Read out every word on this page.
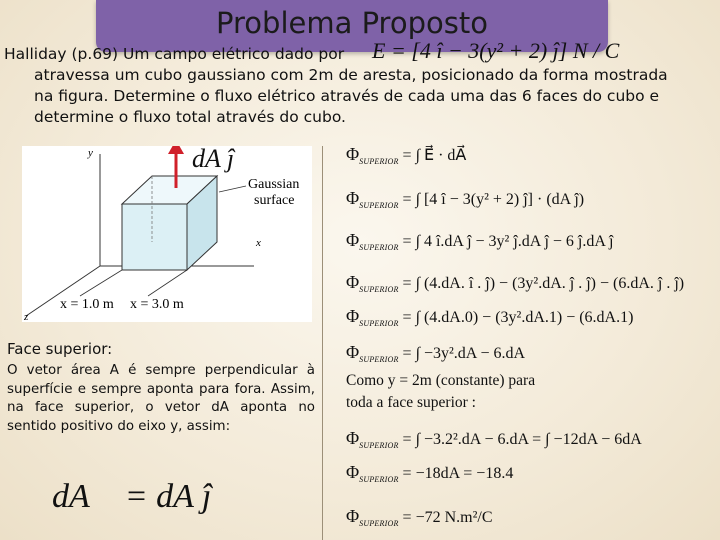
Problema Proposto
Halliday (p.69) Um campo elétrico dado por
atravessa um cubo gaussiano com 2m de aresta, posicionado da forma mostrada
na figura. Determine o fluxo elétrico através de cada uma das 6 faces do cubo e
determine o fluxo total através do cubo.
E = [4 î − 3(y² + 2) ĵ] N / C
y
x
z
Gaussian
surface
x = 1.0 m x = 3.0 m
dA ĵ
Face superior:
O vetor área A é sempre perpendicular à superfície e sempre aponta para fora. Assim, na face superior, o vetor dA aponta no sentido positivo do eixo y, assim:
dA⃗ = dA ĵ
$\Phi_{SUPERIOR}$ = ∫ E⃗ · dA⃗
$\Phi_{SUPERIOR}$ = ∫ [4 î − 3(y² + 2) ĵ] · (dA ĵ)
$\Phi_{SUPERIOR}$ = ∫ 4 î.dA ĵ − 3y² ĵ.dA ĵ − 6 ĵ.dA ĵ
$\Phi_{SUPERIOR}$ = ∫ (4.dA. î . ĵ) − (3y².dA. ĵ . ĵ) − (6.dA. ĵ . ĵ)
$\Phi_{SUPERIOR}$ = ∫ (4.dA.0) − (3y².dA.1) − (6.dA.1)
$\Phi_{SUPERIOR}$ = ∫ −3y².dA − 6.dA
Como y = 2m (constante) para
toda a face superior :
$\Phi_{SUPERIOR}$ = ∫ −3.2².dA − 6.dA = ∫ −12dA − 6dA
$\Phi_{SUPERIOR} = -18dA = -18.4$
$\Phi_{SUPERIOR} = -72$ N.m²/C
